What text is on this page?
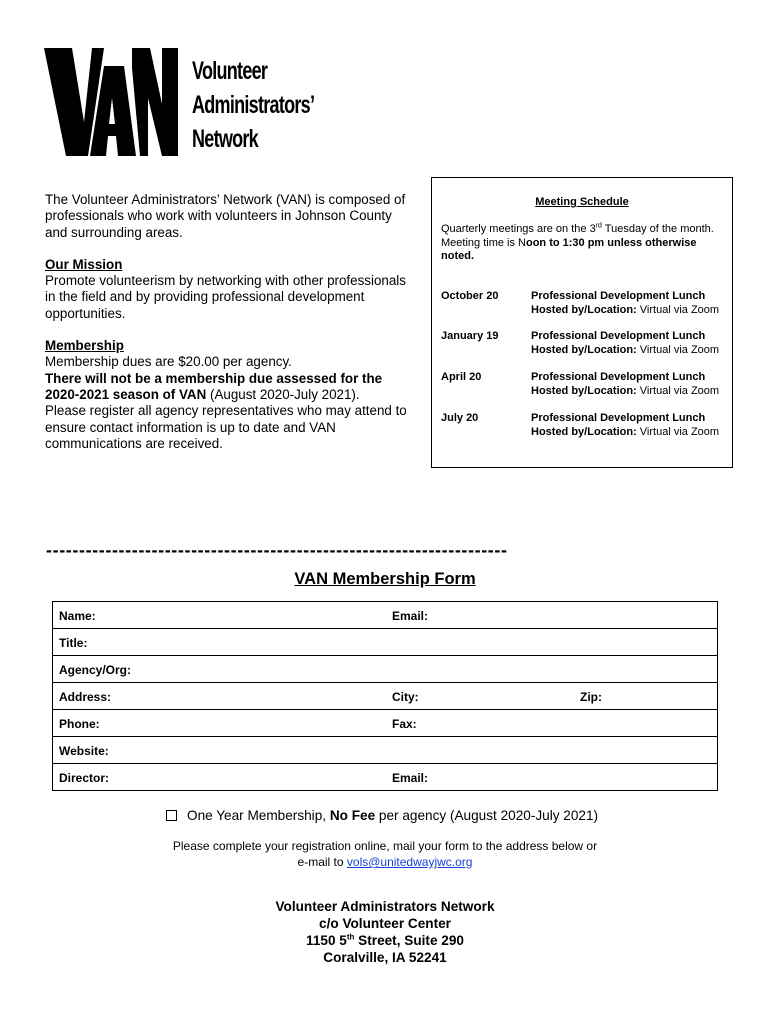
Volunteer
Administrators’
Network

The Volunteer Administrators’ Network (VAN) is composed of professionals who work with volunteers in Johnson County and surrounding areas.

Our Mission

Promote volunteerism by networking with other professionals in the field and by providing professional development opportunities.

Membership

Membership dues are $20.00 per agency.

There will not be a membership due assessed for the 2020-2021 season of VAN (August 2020-July 2021).

Please register all agency representatives who may attend to ensure contact information is up to date and VAN communications are received.

Meeting Schedule
Quarterly meetings are on the 3rd Tuesday of the month. Meeting time is Noon to 1:30 pm unless otherwise noted.
October 20	Professional Development Lunch
Hosted by/Location: Virtual via Zoom
January 19	Professional Development Lunch
Hosted by/Location: Virtual via Zoom
April 20	Professional Development Lunch
Hosted by/Location: Virtual via Zoom
July 20	Professional Development Lunch
Hosted by/Location: Virtual via Zoom
----------------------------------------------------------------------
VAN Membership Form
Name:	Email:
Title:
Agency/Org:
Address:	City:	Zip:
Phone:	Fax:
Website:
Director:	Email:
One Year Membership, No Fee per agency (August 2020-July 2021)
Please complete your registration online, mail your form to the address below or
e-mail to vols@unitedwayjwc.org
Volunteer Administrators Network
c/o Volunteer Center
1150 5th Street, Suite 290
Coralville, IA 52241
